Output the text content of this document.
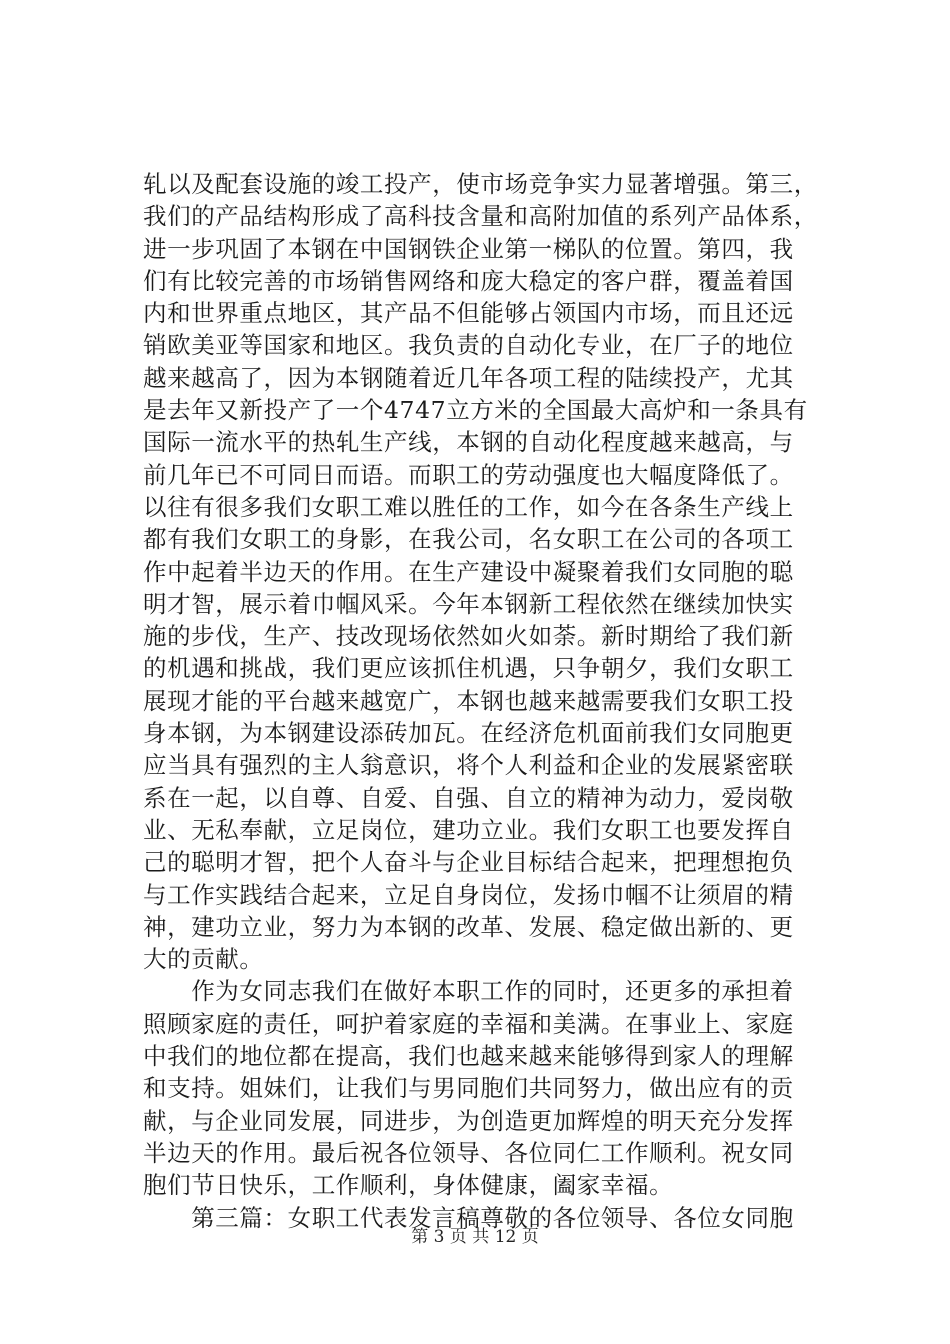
轧以及配套设施的竣工投产，使市场竞争实力显著增强。第三，
我们的产品结构形成了高科技含量和高附加值的系列产品体系，
进一步巩固了本钢在中国钢铁企业第一梯队的位置。第四，我
们有比较完善的市场销售网络和庞大稳定的客户群，覆盖着国
内和世界重点地区，其产品不但能够占领国内市场，而且还远
销欧美亚等国家和地区。我负责的自动化专业，在厂子的地位
越来越高了，因为本钢随着近几年各项工程的陆续投产，尤其
是去年又新投产了一个4747立方米的全国最大高炉和一条具有
国际一流水平的热轧生产线，本钢的自动化程度越来越高，与
前几年已不可同日而语。而职工的劳动强度也大幅度降低了。
以往有很多我们女职工难以胜任的工作，如今在各条生产线上
都有我们女职工的身影，在我公司，名女职工在公司的各项工
作中起着半边天的作用。在生产建设中凝聚着我们女同胞的聪
明才智，展示着巾帼风采。今年本钢新工程依然在继续加快实
施的步伐，生产、技改现场依然如火如荼。新时期给了我们新
的机遇和挑战，我们更应该抓住机遇，只争朝夕，我们女职工
展现才能的平台越来越宽广，本钢也越来越需要我们女职工投
身本钢，为本钢建设添砖加瓦。在经济危机面前我们女同胞更
应当具有强烈的主人翁意识，将个人利益和企业的发展紧密联
系在一起，以自尊、自爱、自强、自立的精神为动力，爱岗敬
业、无私奉献，立足岗位，建功立业。我们女职工也要发挥自
己的聪明才智，把个人奋斗与企业目标结合起来，把理想抱负
与工作实践结合起来，立足自身岗位，发扬巾帼不让须眉的精
神，建功立业，努力为本钢的改革、发展、稳定做出新的、更
大的贡献。
　　作为女同志我们在做好本职工作的同时，还更多的承担着
照顾家庭的责任，呵护着家庭的幸福和美满。在事业上、家庭
中我们的地位都在提高，我们也越来越来能够得到家人的理解
和支持。姐妹们，让我们与男同胞们共同努力，做出应有的贡
献，与企业同发展，同进步，为创造更加辉煌的明天充分发挥
半边天的作用。最后祝各位领导、各位同仁工作顺利。祝女同
胞们节日快乐，工作顺利，身体健康，阖家幸福。
　　第三篇：女职工代表发言稿尊敬的各位领导、各位女同胞
第 3 页 共 12 页
